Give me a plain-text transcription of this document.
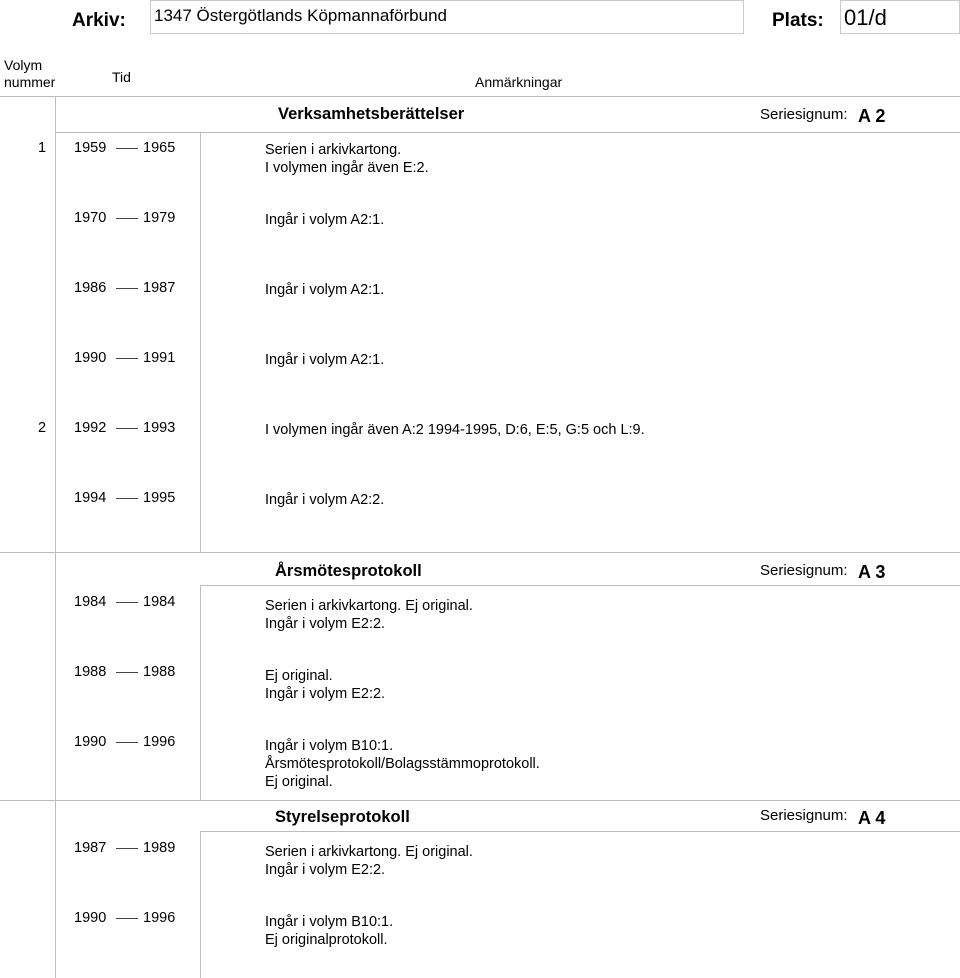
Arkiv: 1347 Östergötlands Köpmannaförbund	Plats: 01/d
Volym
nummer	Tid	Anmärkningar
Verksamhetsberättelser	Seriesignum: A 2
1 1959	1965	Serien i arkivkartong.
I volymen ingår även E:2.
1970	1979	Ingår i volym A2:1.
1986	1987	Ingår i volym A2:1.
1990	1991	Ingår i volym A2:1.
2 1992	1993	I volymen ingår även A:2 1994-1995, D:6, E:5, G:5 och L:9.
1994	1995	Ingår i volym A2:2.
Årsmötesprotokoll	Seriesignum: A 3
1984	1984	Serien i arkivkartong. Ej original.
Ingår i volym E2:2.
1988	1988	Ej original.
Ingår i volym E2:2.
1990	1996	Ingår i volym B10:1.
Årsmötesprotokoll/Bolagsstämmoprotokoll.
Ej original.
Styrelseprotokoll	Seriesignum: A 4
1987	1989	Serien i arkivkartong. Ej original.
Ingår i volym E2:2.
1990	1996	Ingår i volym B10:1.
Ej originalprotokoll.
